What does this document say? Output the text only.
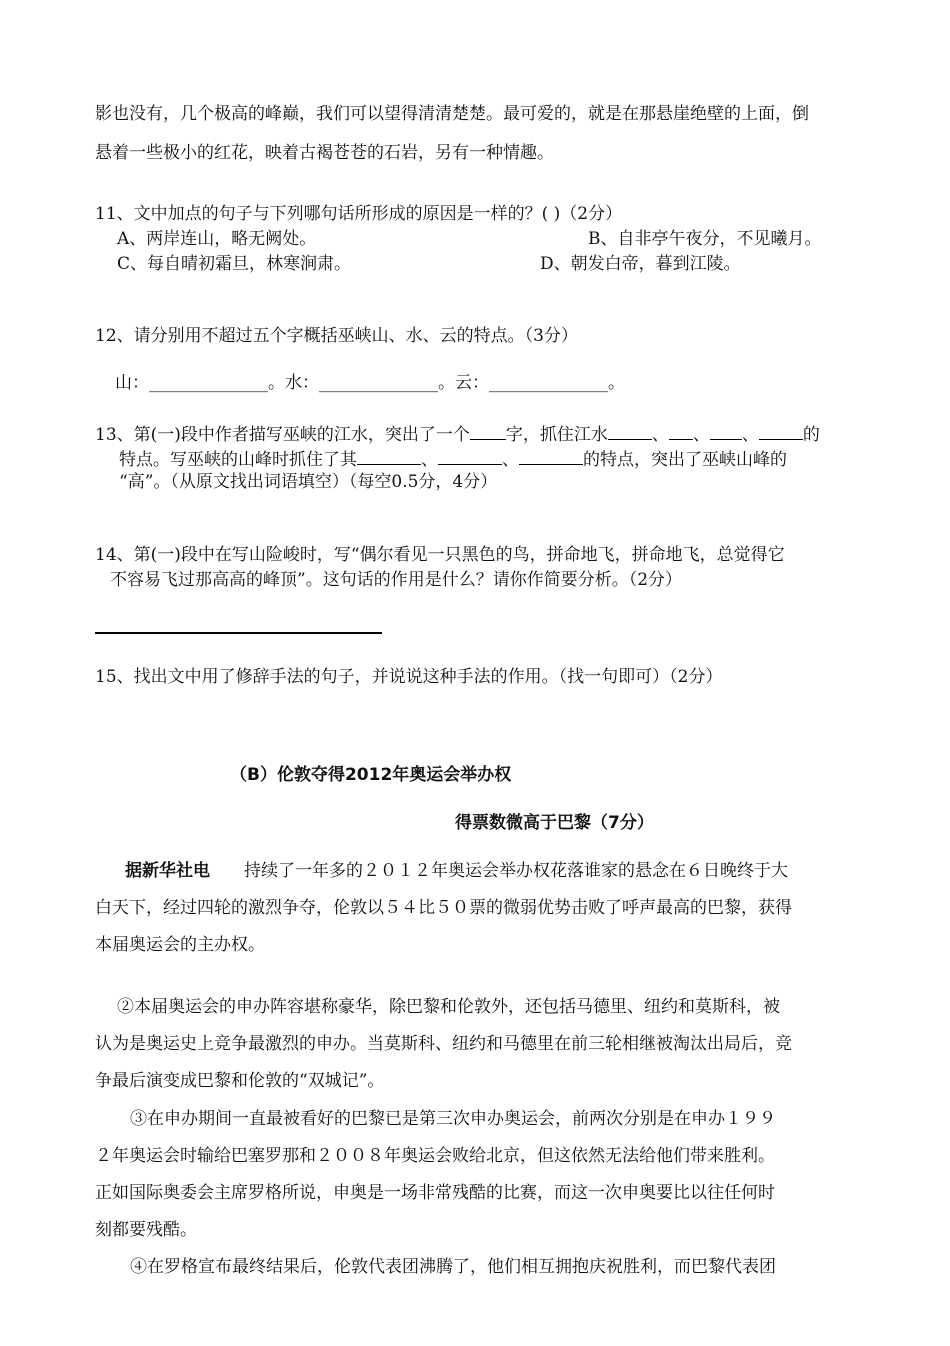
影也没有，几个极高的峰巅，我们可以望得清清楚楚。最可爱的，就是在那悬崖绝壁的上面，倒
悬着一些极小的红花，映着古褐苍苍的石岩，另有一种情趣。
11、文中加点的句子与下列哪句话所形成的原因是一样的？( )（2分）
A、两岸连山，略无阙处。	B、自非亭午夜分，不见曦月。
C、每自晴初霜旦，林寒涧肃。	D、朝发白帝，暮到江陵。
12、请分别用不超过五个字概括巫峡山、水、云的特点。（3分）
山：______________。水：______________。云：______________。
13、第(一)段中作者描写巫峡的江水，突出了一个 字，抓住江水	、 、 、	的
特点。写巫峡的山峰时抓住了其	、	、	的特点，突出了巫峡山峰的
“高”。（从原文找出词语填空）（每空0.5分，4分）
14、第(一)段中在写山险峻时，写“偶尔看见一只黑色的鸟，拼命地飞，拼命地飞，总觉得它
不容易飞过那高高的峰顶”。这句话的作用是什么？请你作简要分析。（2分）
15、找出文中用了修辞手法的句子，并说说这种手法的作用。（找一句即可）（2分）
（B）伦敦夺得2012年奥运会举办权
得票数微高于巴黎（7分）
据新华社电 持续了一年多的２０１２年奥运会举办权花落谁家的悬念在６日晚终于大
白天下，经过四轮的激烈争夺，伦敦以５４比５０票的微弱优势击败了呼声最高的巴黎，获得
本届奥运会的主办权。
②本届奥运会的申办阵容堪称豪华，除巴黎和伦敦外，还包括马德里、纽约和莫斯科，被
认为是奥运史上竞争最激烈的申办。当莫斯科、纽约和马德里在前三轮相继被淘汰出局后，竞
争最后演变成巴黎和伦敦的“双城记”。
③在申办期间一直最被看好的巴黎已是第三次申办奥运会，前两次分别是在申办１９９
２年奥运会时输给巴塞罗那和２００８年奥运会败给北京，但这依然无法给他们带来胜利。
正如国际奥委会主席罗格所说，申奥是一场非常残酷的比赛，而这一次申奥要比以往任何时
刻都要残酷。
④在罗格宣布最终结果后，伦敦代表团沸腾了，他们相互拥抱庆祝胜利，而巴黎代表团
